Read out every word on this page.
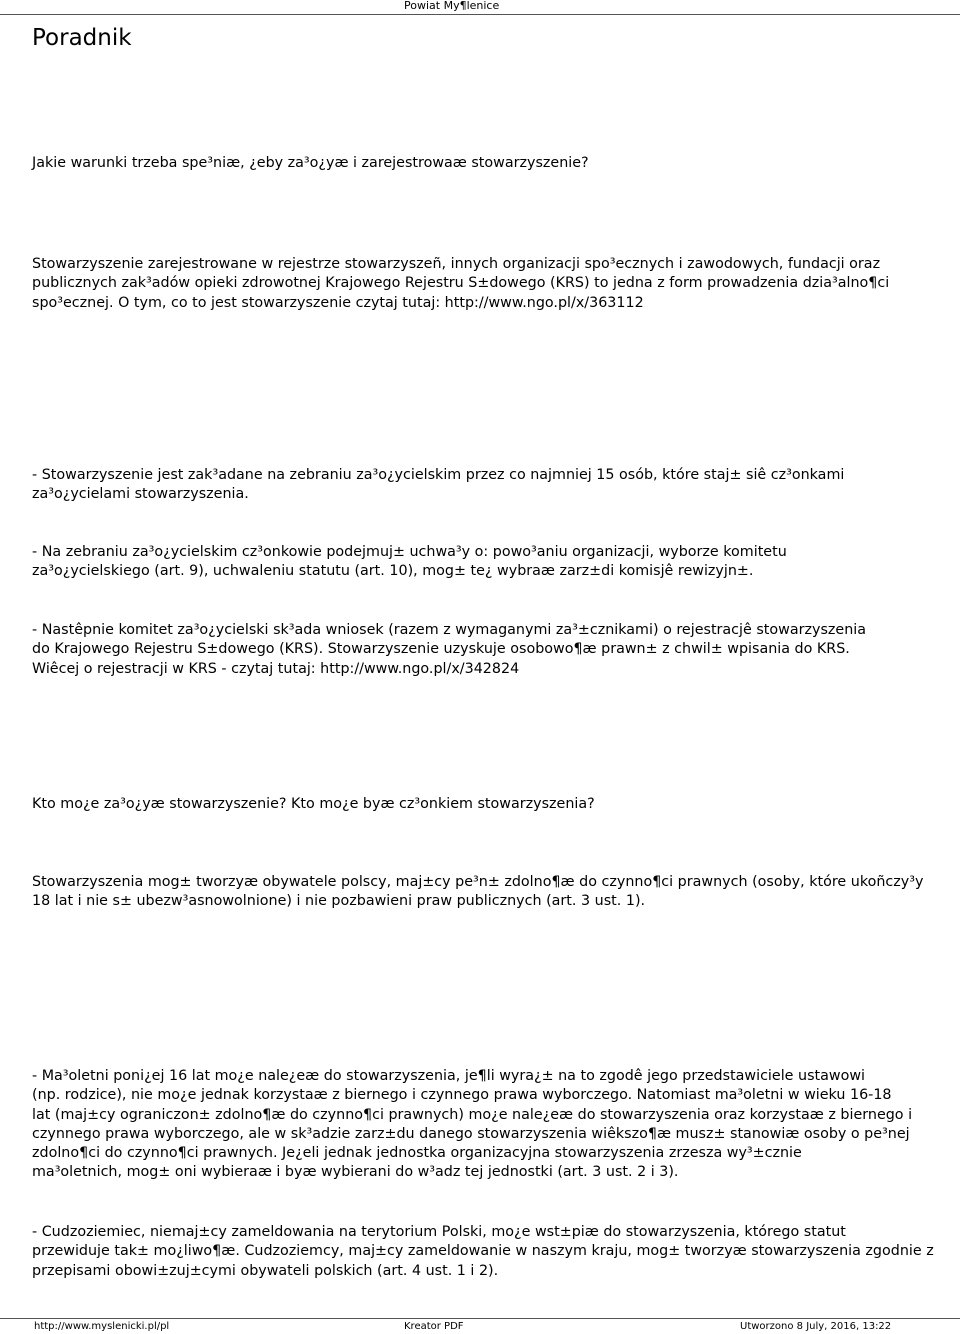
Powiat My¶lenice
Poradnik

Jakie warunki trzeba spe³niæ, ¿eby za³o¿yæ i zarejestrowaæ stowarzyszenie?

Stowarzyszenie zarejestrowane w rejestrze stowarzyszeñ, innych organizacji spo³ecznych i zawodowych, fundacji oraz
publicznych zak³adów opieki zdrowotnej Krajowego Rejestru S±dowego (KRS) to jedna z form prowadzenia dzia³alno¶ci
spo³ecznej. O tym, co to jest stowarzyszenie czytaj tutaj: http://www.ngo.pl/x/363112

- Stowarzyszenie jest zak³adane na zebraniu za³o¿ycielskim przez co najmniej 15 osób, które staj± siê cz³onkami
za³o¿ycielami stowarzyszenia.

- Na zebraniu za³o¿ycielskim cz³onkowie podejmuj± uchwa³y o: powo³aniu organizacji, wyborze komitetu
za³o¿ycielskiego (art. 9), uchwaleniu statutu (art. 10), mog± te¿ wybraæ zarz±di komisjê rewizyjn±.

- Nastêpnie komitet za³o¿ycielski sk³ada wniosek (razem z wymaganymi za³±cznikami) o rejestracjê stowarzyszenia
do Krajowego Rejestru S±dowego (KRS). Stowarzyszenie uzyskuje osobowo¶æ prawn± z chwil± wpisania do KRS.
Wiêcej o rejestracji w KRS - czytaj tutaj: http://www.ngo.pl/x/342824

Kto mo¿e za³o¿yæ stowarzyszenie? Kto mo¿e byæ cz³onkiem stowarzyszenia?

Stowarzyszenia mog± tworzyæ obywatele polscy, maj±cy pe³n± zdolno¶æ do czynno¶ci prawnych (osoby, które ukoñczy³y
18 lat i nie s± ubezw³asnowolnione) i nie pozbawieni praw publicznych (art. 3 ust. 1).

- Ma³oletni poni¿ej 16 lat mo¿e nale¿eæ do stowarzyszenia, je¶li wyra¿± na to zgodê jego przedstawiciele ustawowi
(np. rodzice), nie mo¿e jednak korzystaæ z biernego i czynnego prawa wyborczego. Natomiast ma³oletni w wieku 16-18
lat (maj±cy ograniczon± zdolno¶æ do czynno¶ci prawnych) mo¿e nale¿eæ do stowarzyszenia oraz korzystaæ z biernego i
czynnego prawa wyborczego, ale w sk³adzie zarz±du danego stowarzyszenia wiêkszo¶æ musz± stanowiæ osoby o pe³nej
zdolno¶ci do czynno¶ci prawnych. Je¿eli jednak jednostka organizacyjna stowarzyszenia zrzesza wy³±cznie
ma³oletnich, mog± oni wybieraæ i byæ wybierani do w³adz tej jednostki (art. 3 ust. 2 i 3).

- Cudzoziemiec, niemaj±cy zameldowania na terytorium Polski, mo¿e wst±piæ do stowarzyszenia, którego statut
przewiduje tak± mo¿liwo¶æ. Cudzoziemcy, maj±cy zameldowanie w naszym kraju, mog± tworzyæ stowarzyszenia zgodnie z
przepisami obowi±zuj±cymi obywateli polskich (art. 4 ust. 1 i 2).

http://www.myslenicki.pl/pl	Kreator PDF	Utworzono 8 July, 2016, 13:22
